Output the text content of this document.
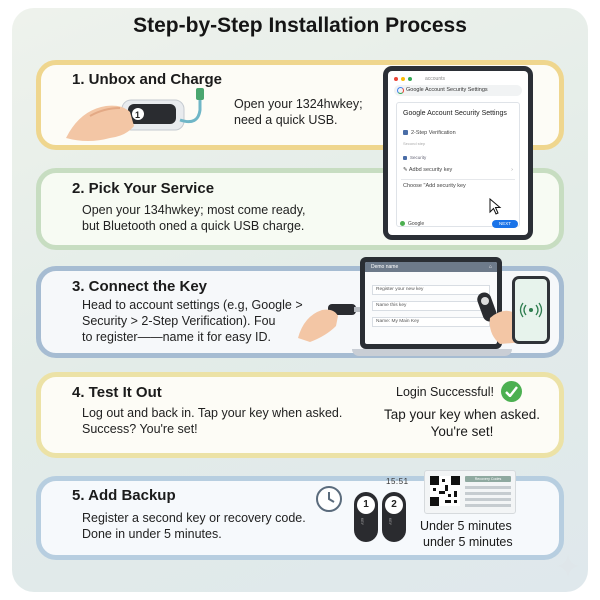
Step-by-Step Installation Process
1. Unbox and Charge
Open your 1324hwkey;
need a quick USB.
1
2. Pick Your Service
Open your 134hwkey; most come ready,
but Bluetooth oned a quick USB charge.
accounts
Google Account Security Settings
Google Account Security Settings
2-Step Verification
Second step
Security
✎ Adbd security key	›
Choose "Add security key
Google	NEXT
3. Connect the Key
Head to account settings (e.g, Google >
Security > 2-Step Verification). Fou
to register——name it for easy ID.
Demo name	⌂
Register your new key
Name this key
Name: My Main Key
4. Test It Out
Log out and back in. Tap your key when asked.
Success? You're set!
Login Successful!
Tap your key when asked.
You're set!
5. Add Backup
Register a second key or recovery code.
Done in under 5 minutes.
1
KEY
2
KEY
15:51	Recovery Codes
Under 5 minutes
under 5 minutes
